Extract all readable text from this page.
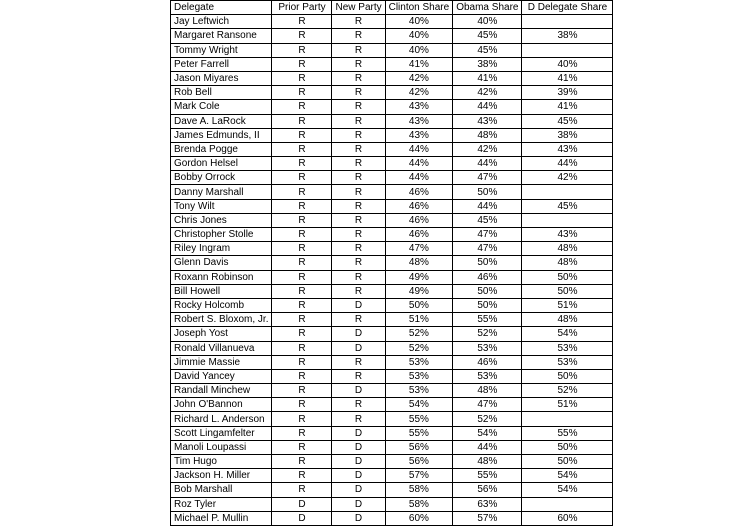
Delegate	Prior Party	New Party	Clinton Share	Obama Share	D Delegate Share
Jay Leftwich	R	R	40%	40%	
Margaret Ransone	R	R	40%	45%	38%
Tommy Wright	R	R	40%	45%	
Peter Farrell	R	R	41%	38%	40%
Jason Miyares	R	R	42%	41%	41%
Rob Bell	R	R	42%	42%	39%
Mark Cole	R	R	43%	44%	41%
Dave A. LaRock	R	R	43%	43%	45%
James Edmunds, II	R	R	43%	48%	38%
Brenda Pogge	R	R	44%	42%	43%
Gordon Helsel	R	R	44%	44%	44%
Bobby Orrock	R	R	44%	47%	42%
Danny Marshall	R	R	46%	50%	
Tony Wilt	R	R	46%	44%	45%
Chris Jones	R	R	46%	45%	
Christopher Stolle	R	R	46%	47%	43%
Riley Ingram	R	R	47%	47%	48%
Glenn Davis	R	R	48%	50%	48%
Roxann Robinson	R	R	49%	46%	50%
Bill Howell	R	R	49%	50%	50%
Rocky Holcomb	R	D	50%	50%	51%
Robert S. Bloxom, Jr.	R	R	51%	55%	48%
Joseph Yost	R	D	52%	52%	54%
Ronald Villanueva	R	D	52%	53%	53%
Jimmie Massie	R	R	53%	46%	53%
David Yancey	R	R	53%	53%	50%
Randall Minchew	R	D	53%	48%	52%
John O'Bannon	R	R	54%	47%	51%
Richard L. Anderson	R	R	55%	52%	
Scott Lingamfelter	R	D	55%	54%	55%
Manoli Loupassi	R	D	56%	44%	50%
Tim Hugo	R	D	56%	48%	50%
Jackson H. Miller	R	D	57%	55%	54%
Bob Marshall	R	D	58%	56%	54%
Roz Tyler	D	D	58%	63%	
Michael P. Mullin	D	D	60%	57%	60%
